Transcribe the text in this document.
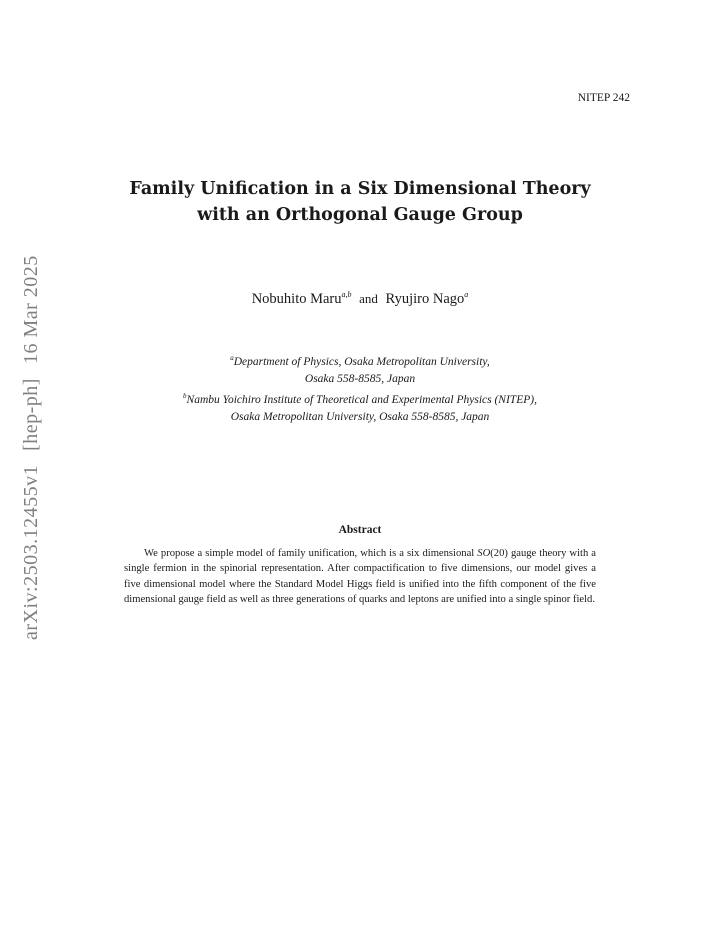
NITEP 242
arXiv:2503.12455v1[hep-ph]16 Mar 2025
Family Unification in a Six Dimensional Theory
with an Orthogonal Gauge Group
Nobuhito Maru$^{a,b}$ and Ryujiro Nago$^a$
$^a$Department of Physics, Osaka Metropolitan University,
Osaka 558-8585, Japan
$^b$Nambu Yoichiro Institute of Theoretical and Experimental Physics (NITEP),
Osaka Metropolitan University, Osaka 558-8585, Japan
Abstract
We propose a simple model of family unification, which is a six dimensional SO(20) gauge theory with a single fermion in the spinorial representation. After compactification to five dimensions, our model gives a five dimensional model where the Standard Model Higgs field is unified into the fifth component of the five dimensional gauge field as well as three generations of quarks and leptons are unified into a single spinor field.
